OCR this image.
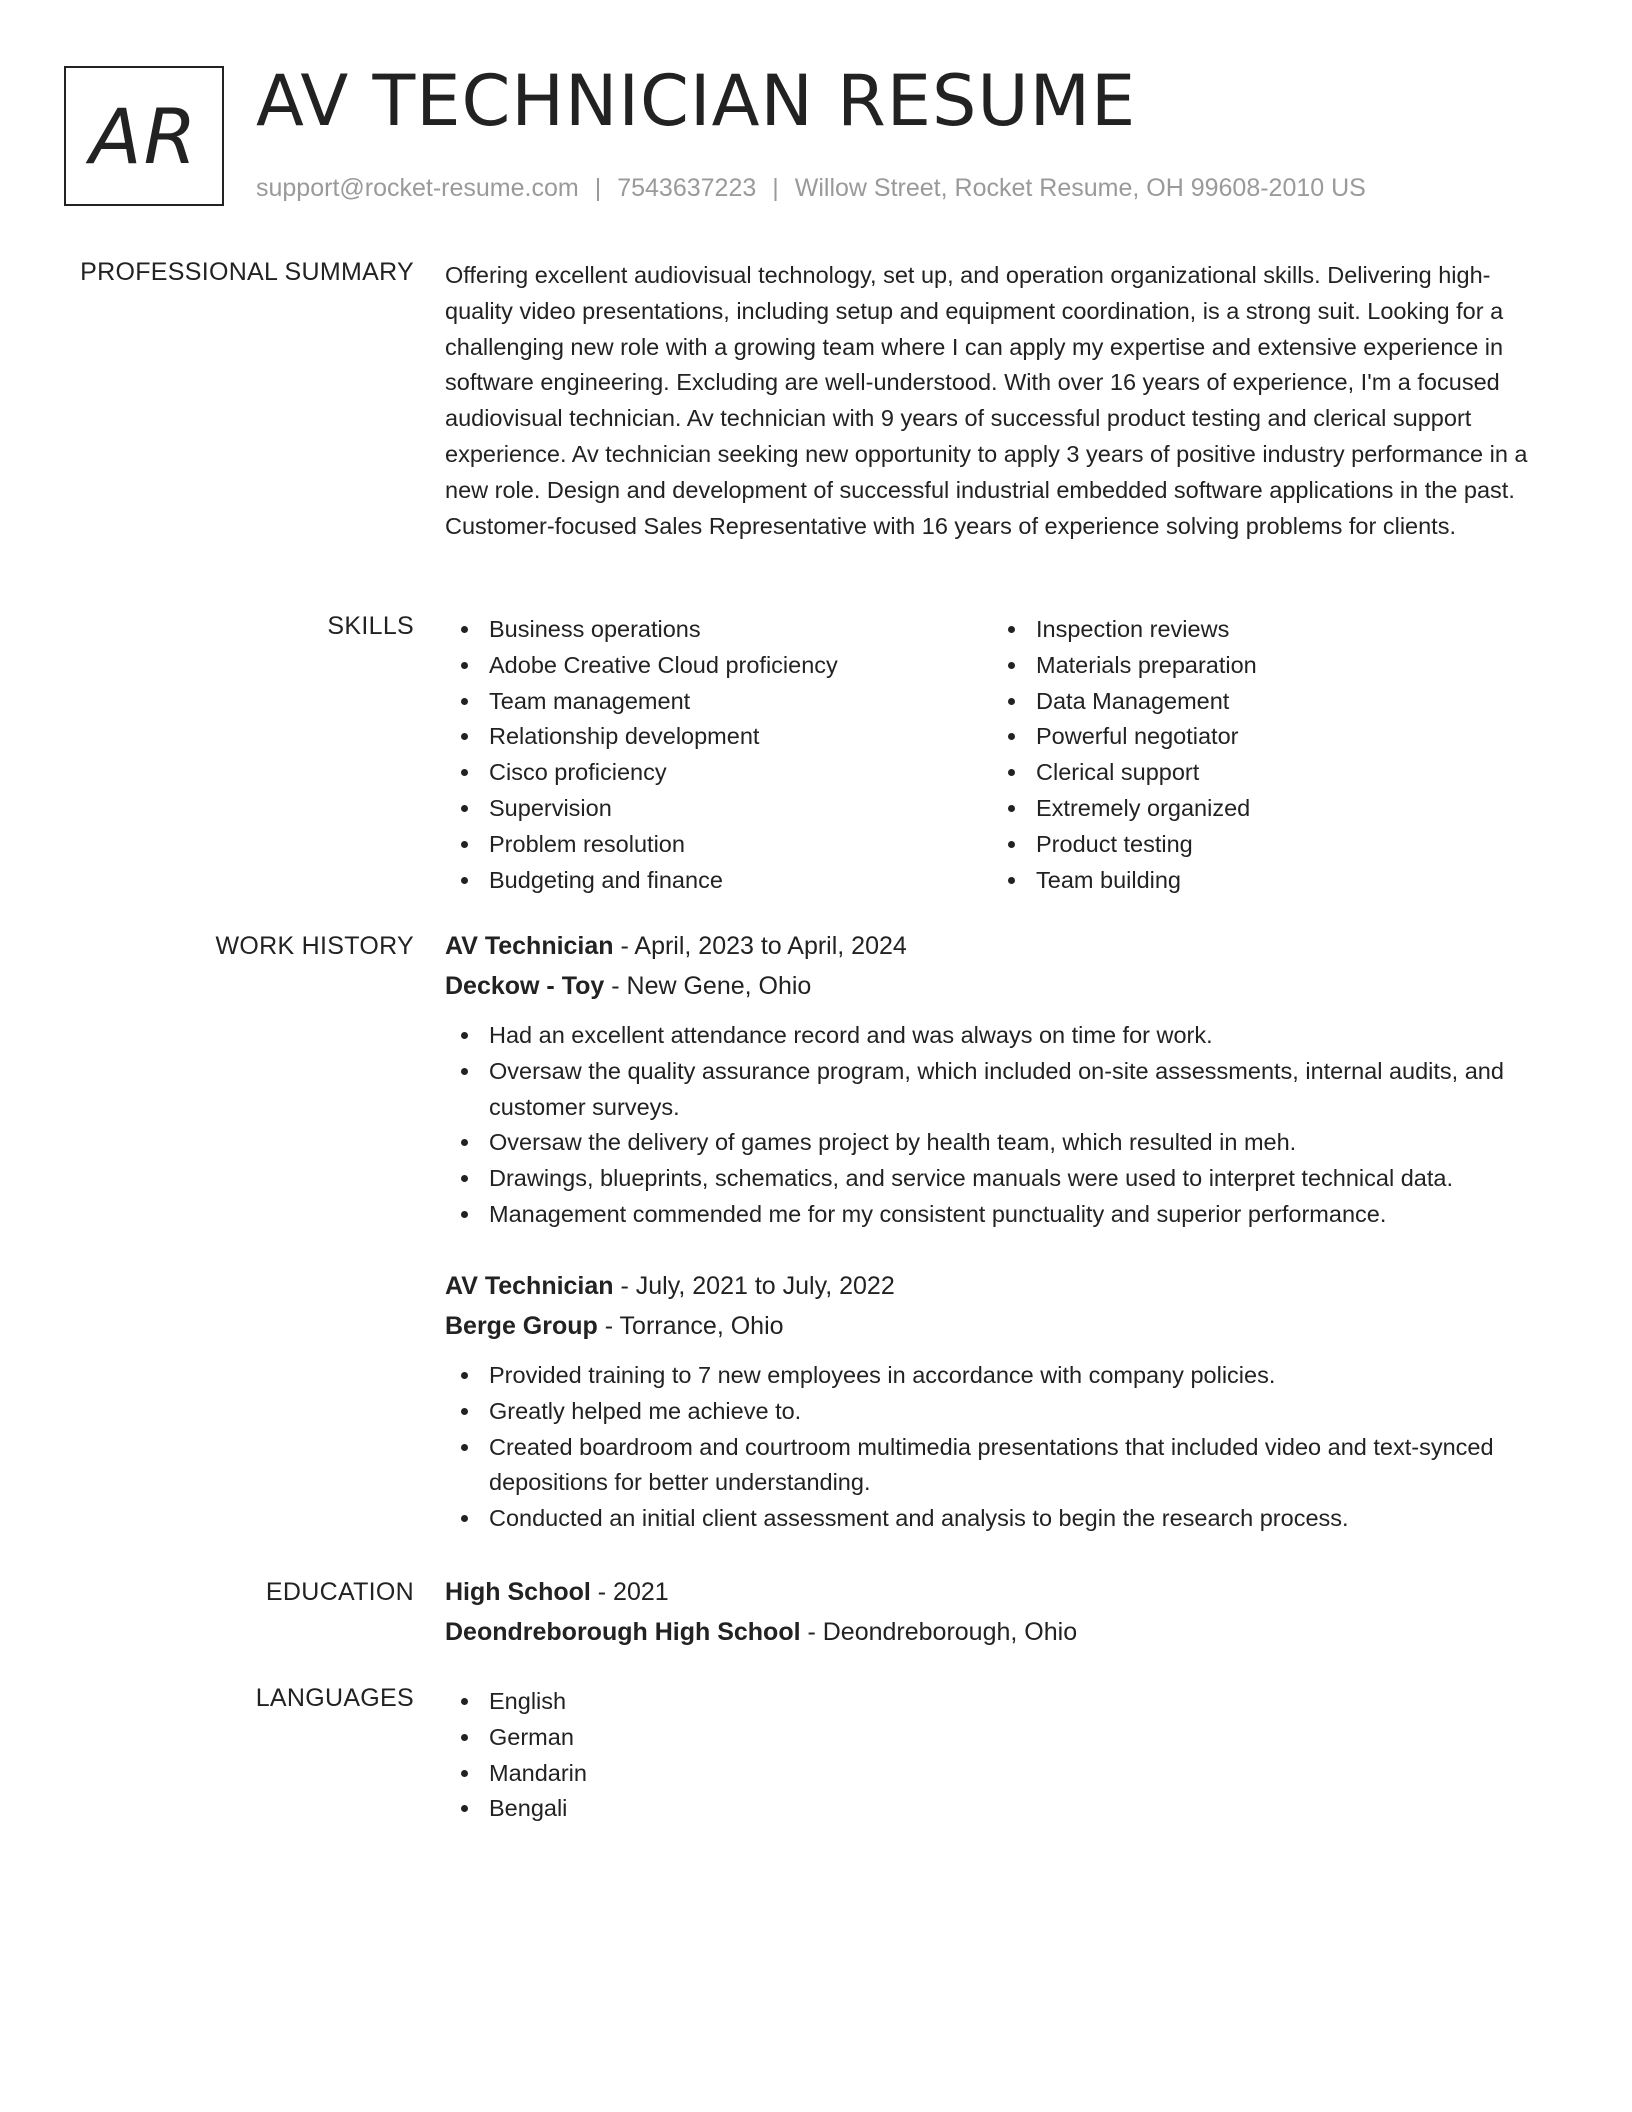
AR AV TECHNICIAN RESUME
support@rocket-resume.com | 7543637223 | Willow Street, Rocket Resume, OH 99608-2010 US
PROFESSIONAL SUMMARY Offering excellent audiovisual technology, set up, and operation organizational skills. Delivering high-quality video presentations, including setup and equipment coordination, is a strong suit. Looking for a challenging new role with a growing team where I can apply my expertise and extensive experience in software engineering. Excluding are well-understood. With over 16 years of experience, I'm a focused audiovisual technician. Av technician with 9 years of successful product testing and clerical support experience. Av technician seeking new opportunity to apply 3 years of positive industry performance in a new role. Design and development of successful industrial embedded software applications in the past. Customer-focused Sales Representative with 16 years of experience solving problems for clients.

SKILLS	Business operations
Adobe Creative Cloud proficiency
Team management
Relationship development
Cisco proficiency
Supervision
Problem resolution
Budgeting and finance
Inspection reviews
Materials preparation
Data Management
Powerful negotiator
Clerical support
Extremely organized
Product testing
Team building
WORK HISTORY AV Technician - April, 2023 to April, 2024
Deckow - Toy - New Gene, Ohio
Had an excellent attendance record and was always on time for work.
Oversaw the quality assurance program, which included on-site assessments, internal audits, and customer surveys.
Oversaw the delivery of games project by health team, which resulted in meh.
Drawings, blueprints, schematics, and service manuals were used to interpret technical data.
Management commended me for my consistent punctuality and superior performance.
AV Technician - July, 2021 to July, 2022
Berge Group - Torrance, Ohio
Provided training to 7 new employees in accordance with company policies.
Greatly helped me achieve to.
Created boardroom and courtroom multimedia presentations that included video and text-synced depositions for better understanding.
Conducted an initial client assessment and analysis to begin the research process.
EDUCATION High School - 2021
Deondreborough High School - Deondreborough, Ohio
LANGUAGES	English
German
Mandarin
Bengali
